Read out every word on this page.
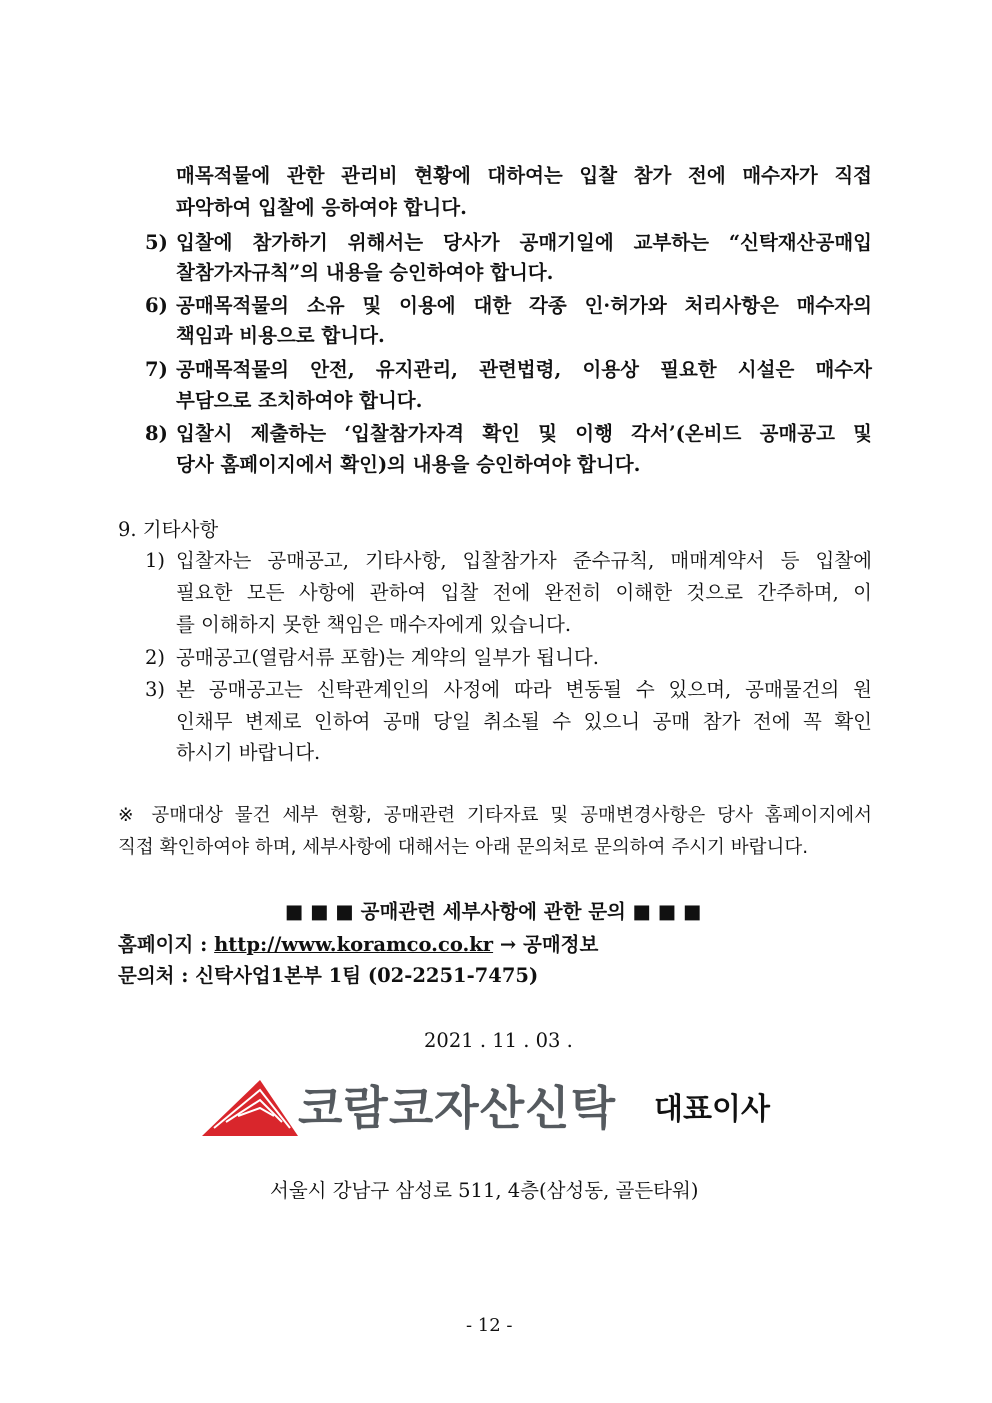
매목적물에 관한 관리비 현황에 대하여는 입찰 참가 전에 매수자가 직접
파악하여 입찰에 응하여야 합니다.
5) 입찰에 참가하기 위해서는 당사가 공매기일에 교부하는 “신탁재산공매입
찰참가자규칙”의 내용을 승인하여야 합니다.
6) 공매목적물의 소유 및 이용에 대한 각종 인·허가와 처리사항은 매수자의
책임과 비용으로 합니다.
7) 공매목적물의 안전, 유지관리, 관련법령, 이용상 필요한 시설은 매수자
부담으로 조치하여야 합니다.
8) 입찰시 제출하는 ‘입찰참가자격 확인 및 이행 각서’(온비드 공매공고 및
당사 홈페이지에서 확인)의 내용을 승인하여야 합니다.
9. 기타사항
1) 입찰자는 공매공고, 기타사항, 입찰참가자 준수규칙, 매매계약서 등 입찰에
필요한 모든 사항에 관하여 입찰 전에 완전히 이해한 것으로 간주하며, 이
를 이해하지 못한 책임은 매수자에게 있습니다.
2) 공매공고(열람서류 포함)는 계약의 일부가 됩니다.
3) 본 공매공고는 신탁관계인의 사정에 따라 변동될 수 있으며, 공매물건의 원
인채무 변제로 인하여 공매 당일 취소될 수 있으니 공매 참가 전에 꼭 확인
하시기 바랍니다.
※ 공매대상 물건 세부 현황, 공매관련 기타자료 및 공매변경사항은 당사 홈페이지에서
직접 확인하여야 하며, 세부사항에 대해서는 아래 문의처로 문의하여 주시기 바랍니다.
■ ■ ■ 공매관련 세부사항에 관한 문의 ■ ■ ■
홈페이지 : http://www.koramco.co.kr → 공매정보
문의처 : 신탁사업1본부 1팀 (02-2251-7475)
2021 . 11 . 03 .
코람코자산신탁 대표이사
서울시 강남구 삼성로 511, 4층(삼성동, 골든타워)
- 12 -
